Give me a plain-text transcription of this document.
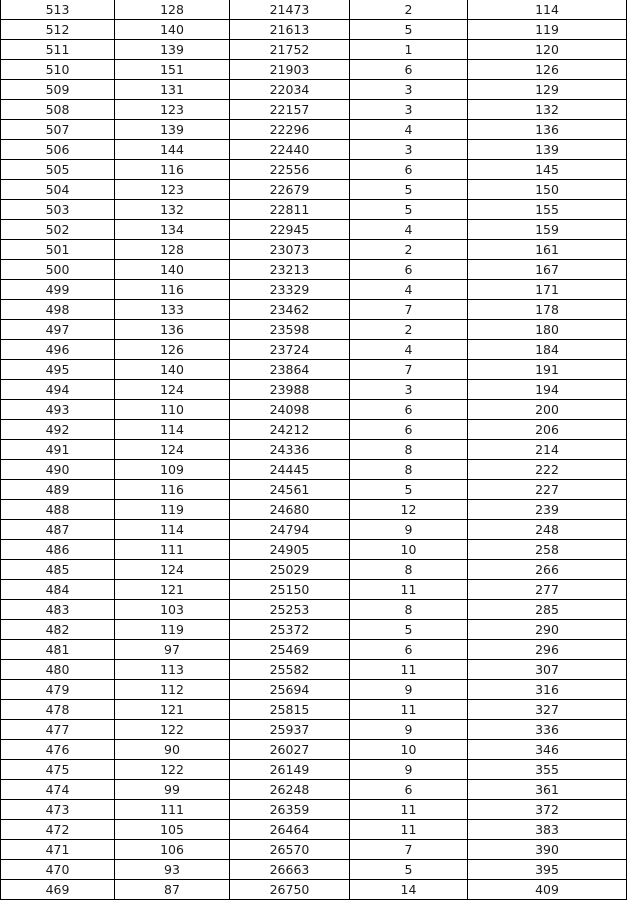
513	128	21473	2	114
512	140	21613	5	119
511	139	21752	1	120
510	151	21903	6	126
509	131	22034	3	129
508	123	22157	3	132
507	139	22296	4	136
506	144	22440	3	139
505	116	22556	6	145
504	123	22679	5	150
503	132	22811	5	155
502	134	22945	4	159
501	128	23073	2	161
500	140	23213	6	167
499	116	23329	4	171
498	133	23462	7	178
497	136	23598	2	180
496	126	23724	4	184
495	140	23864	7	191
494	124	23988	3	194
493	110	24098	6	200
492	114	24212	6	206
491	124	24336	8	214
490	109	24445	8	222
489	116	24561	5	227
488	119	24680	12	239
487	114	24794	9	248
486	111	24905	10	258
485	124	25029	8	266
484	121	25150	11	277
483	103	25253	8	285
482	119	25372	5	290
481	97	25469	6	296
480	113	25582	11	307
479	112	25694	9	316
478	121	25815	11	327
477	122	25937	9	336
476	90	26027	10	346
475	122	26149	9	355
474	99	26248	6	361
473	111	26359	11	372
472	105	26464	11	383
471	106	26570	7	390
470	93	26663	5	395
469	87	26750	14	409
